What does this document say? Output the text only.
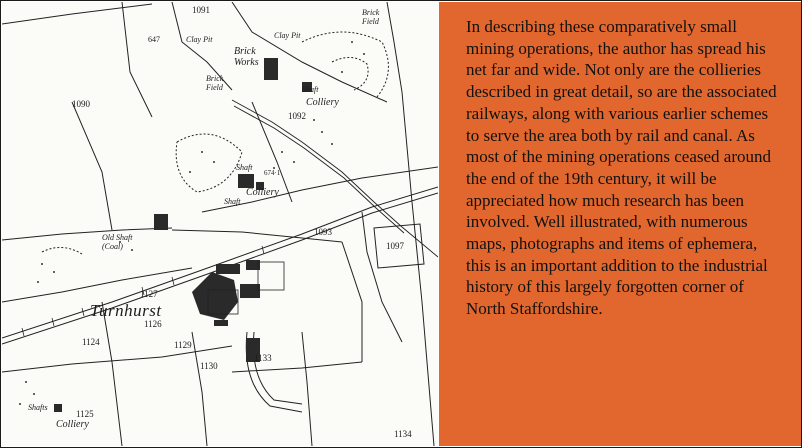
1091
1090
1092
1093
1097
1127
1126
1124	1129
1130
1133
1125
1134
Brick Field
Clay Pit	Clay Pit
Brick Works
Brick Field	Shaft
Colliery
Shaft
Colliery
Shaft
Old Shaft (Coal)
Turnhurst
Shafts
Colliery
647
674·1

In describing these comparatively small mining operations, the author has spread his net far and wide. Not only are the collieries described in great detail, so are the associated railways, along with various earlier schemes to serve the area both by rail and canal. As most of the mining operations ceased around the end of the 19th century, it will be appreciated how much research has been involved. Well illustrated, with numerous maps, photographs and items of ephemera, this is an important addition to the industrial history of this largely forgotten corner of North Staffordshire.
